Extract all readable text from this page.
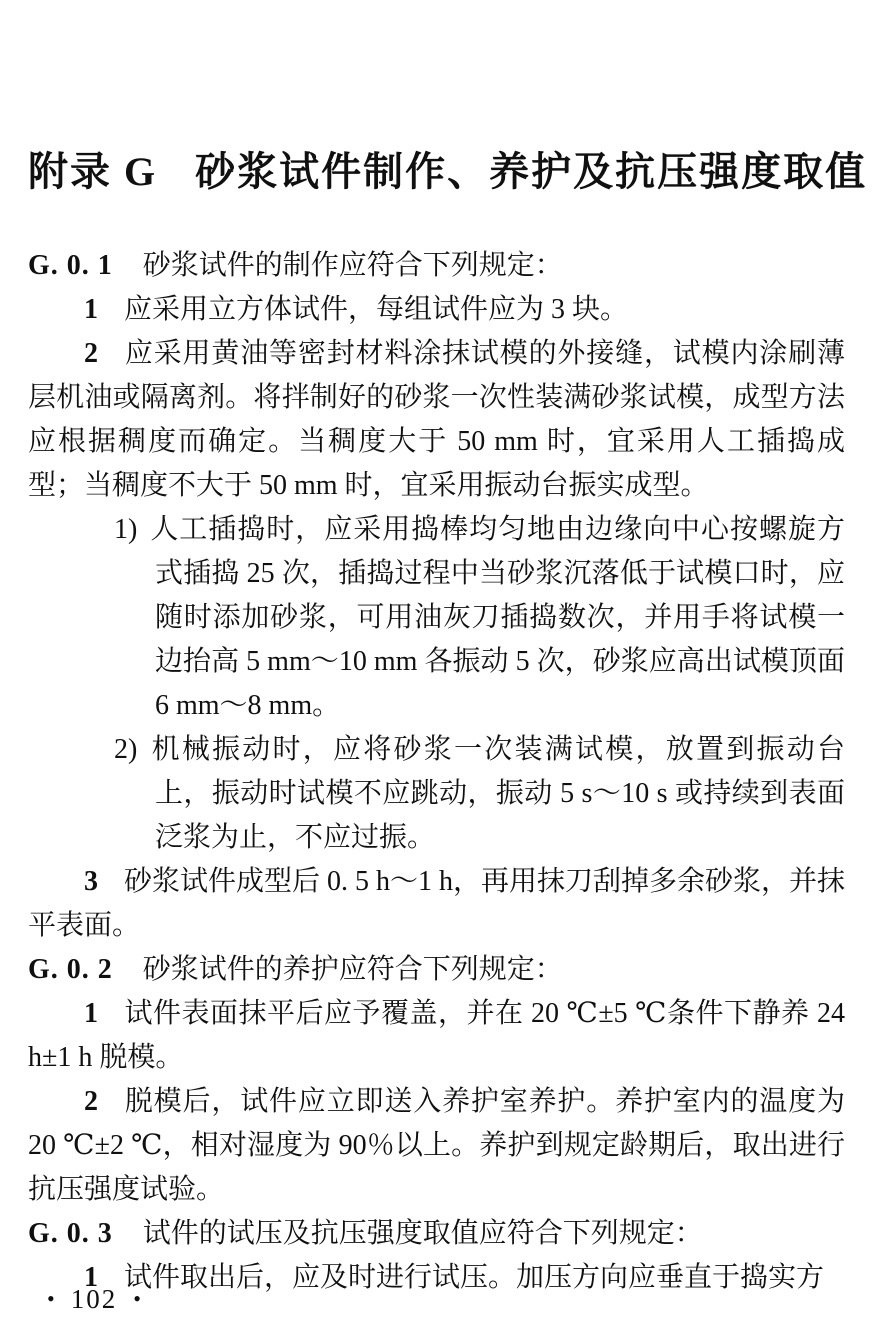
附录 G 砂浆试件制作、养护及抗压强度取值

G. 0. 1 砂浆试件的制作应符合下列规定：

1 应采用立方体试件，每组试件应为 3 块。

2 应采用黄油等密封材料涂抹试模的外接缝，试模内涂刷薄层机油或隔离剂。将拌制好的砂浆一次性装满砂浆试模，成型方法应根据稠度而确定。当稠度大于 50 mm 时，宜采用人工插捣成型；当稠度不大于 50 mm 时，宜采用振动台振实成型。

1) 人工插捣时，应采用捣棒均匀地由边缘向中心按螺旋方式插捣 25 次，插捣过程中当砂浆沉落低于试模口时，应随时添加砂浆，可用油灰刀插捣数次，并用手将试模一边抬高 5 mm～10 mm 各振动 5 次，砂浆应高出试模顶面 6 mm～8 mm。

2) 机械振动时，应将砂浆一次装满试模，放置到振动台上，振动时试模不应跳动，振动 5 s～10 s 或持续到表面泛浆为止，不应过振。

3 砂浆试件成型后 0. 5 h～1 h，再用抹刀刮掉多余砂浆，并抹平表面。

G. 0. 2 砂浆试件的养护应符合下列规定：

1 试件表面抹平后应予覆盖，并在 20 ℃±5 ℃条件下静养 24 h±1 h 脱模。

2 脱模后，试件应立即送入养护室养护。养护室内的温度为 20 ℃±2 ℃，相对湿度为 90％以上。养护到规定龄期后，取出进行抗压强度试验。

G. 0. 3 试件的试压及抗压强度取值应符合下列规定：

1 试件取出后，应及时进行试压。加压方向应垂直于捣实方

• 102 •
